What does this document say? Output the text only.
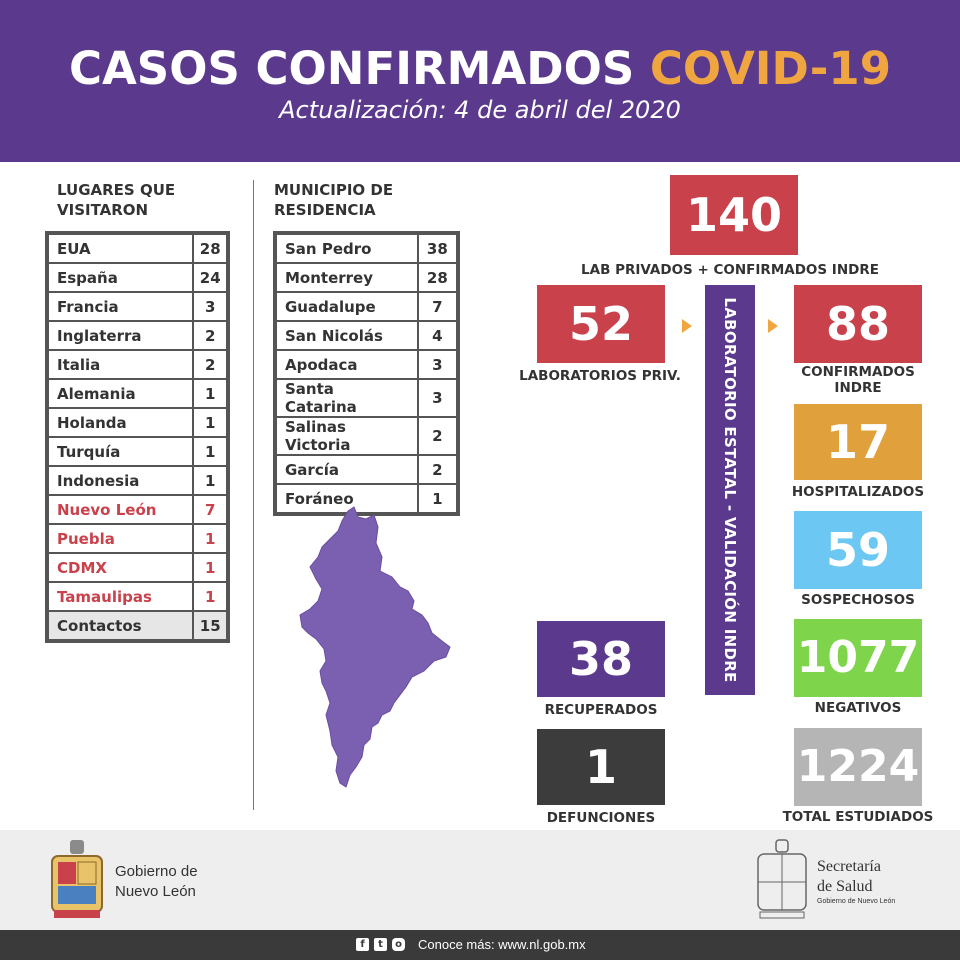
CASOS CONFIRMADOS COVID-19
Actualización: 4 de abril del 2020
LUGARES QUE VISITARON
EUA	28
España	24
Francia	3
Inglaterra	2
Italia	2
Alemania	1
Holanda	1
Turquía	1
Indonesia	1
Nuevo León	7
Puebla	1
CDMX	1
Tamaulipas	1
Contactos	15
MUNICIPIO DE RESIDENCIA
San Pedro	38
Monterrey	28
Guadalupe	7
San Nicolás	4
Apodaca	3
Santa Catarina	3
Salinas Victoria	2
García	2
Foráneo	1
140
LAB PRIVADOS + CONFIRMADOS INDRE
52
LABORATORIOS PRIV.	LABORATORIO ESTATAL - VALIDACIÓN INDRE	88
CONFIRMADOS
INDRE
17
HOSPITALIZADOS
59
SOSPECHOSOS
1077
NEGATIVOS
1224
TOTAL ESTUDIADOS
38
RECUPERADOS
1
DEFUNCIONES
Gobierno de
Nuevo León
Secretaría
de Salud
Gobierno de Nuevo León
f	t	o Conoce más: www.nl.gob.mx
